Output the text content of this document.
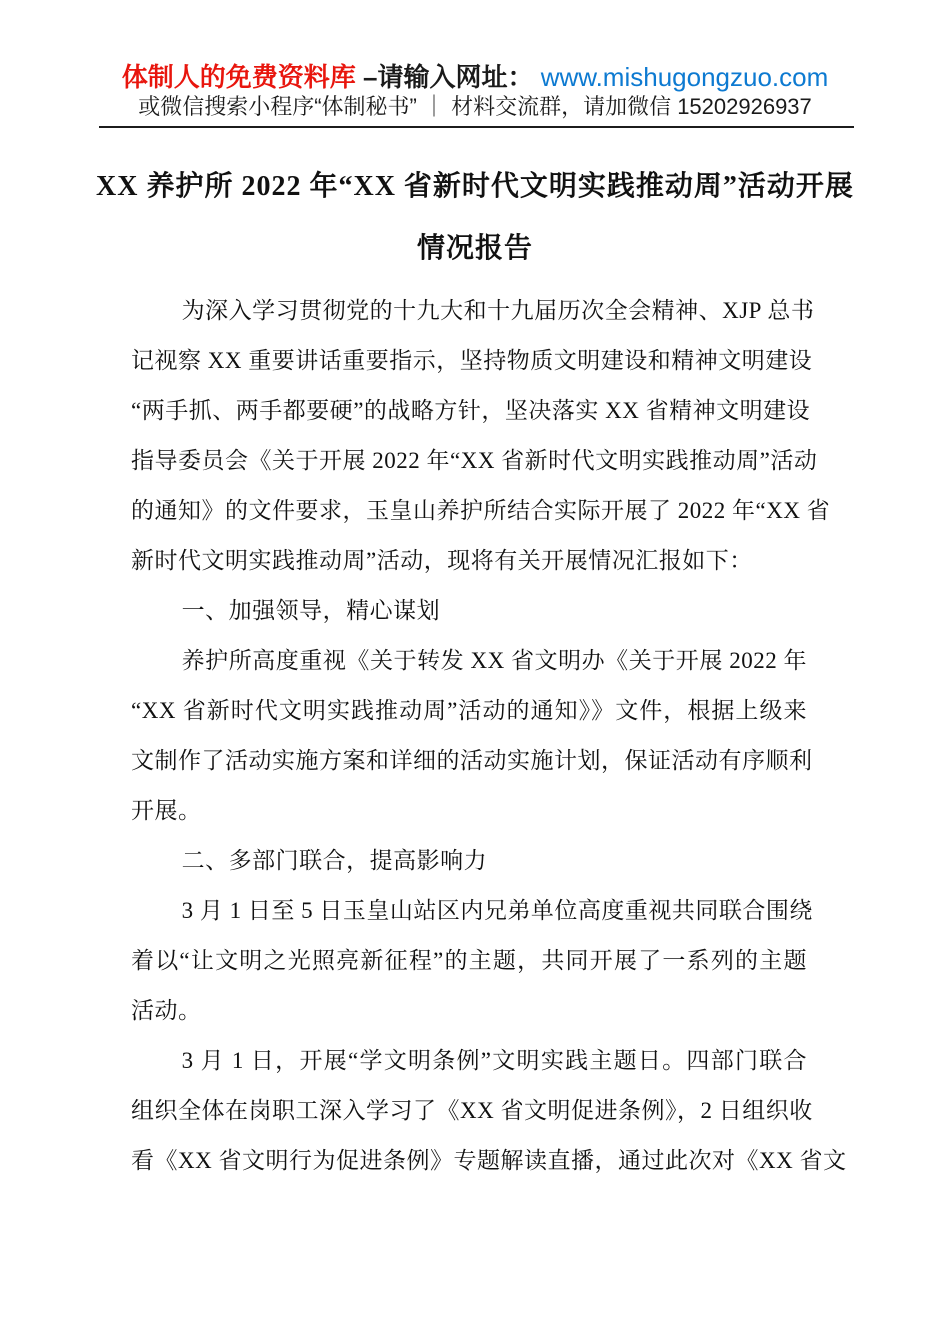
体制人的免费资料库 –请输入网址： www.mishugongzuo.com
或微信搜索小程序“体制秘书” ｜ 材料交流群，请加微信 15202926937
XX 养护所 2022 年“XX 省新时代文明实践推动周”活动开展
情况报告
为深入学习贯彻党的十九大和十九届历次全会精神、XJP 总书
记视察 XX 重要讲话重要指示，坚持物质文明建设和精神文明建设
“两手抓、两手都要硬”的战略方针，坚决落实 XX 省精神文明建设
指导委员会《关于开展 2022 年“XX 省新时代文明实践推动周”活动
的通知》的文件要求，玉皇山养护所结合实际开展了 2022 年“XX 省
新时代文明实践推动周”活动，现将有关开展情况汇报如下：
一、加强领导，精心谋划
养护所高度重视《关于转发 XX 省文明办《关于开展 2022 年
“XX 省新时代文明实践推动周”活动的通知》》文件，根据上级来
文制作了活动实施方案和详细的活动实施计划，保证活动有序顺利
开展。
二、多部门联合，提高影响力
3 月 1 日至 5 日玉皇山站区内兄弟单位高度重视共同联合围绕
着以“让文明之光照亮新征程”的主题，共同开展了一系列的主题
活动。
3 月 1 日，开展“学文明条例”文明实践主题日。四部门联合
组织全体在岗职工深入学习了《XX 省文明促进条例》，2 日组织收
看《XX 省文明行为促进条例》专题解读直播，通过此次对《XX 省文
